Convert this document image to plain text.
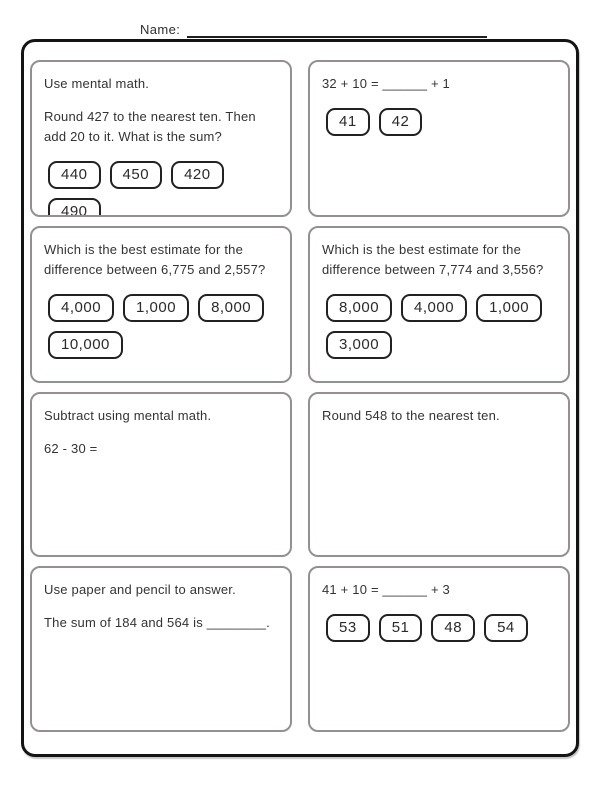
Name:

Use mental math.

Round 427 to the nearest ten. Then add 20 to it. What is the sum?

440	450	420
490

32 + 10 = ______ + 1

41	42

Which is the best estimate for the difference between 6,775 and 2,557?

4,000	1,000	8,000
10,000

Which is the best estimate for the difference between 7,774 and 3,556?

8,000	4,000	1,000
3,000

Subtract using mental math.

62 - 30 =

Round 548 to the nearest ten.

Use paper and pencil to answer.

The sum of 184 and 564 is ________.

41 + 10 = ______ + 3

53	51	48	54
